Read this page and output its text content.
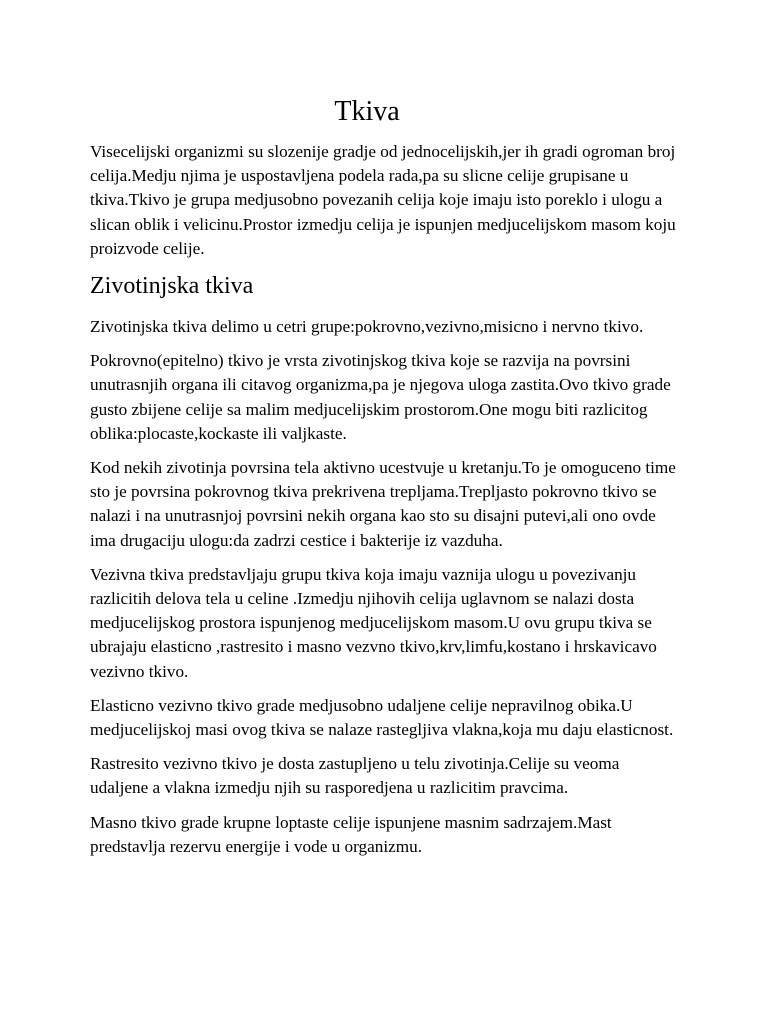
Tkiva

Visecelijski organizmi su slozenije gradje od jednocelijskih,jer ih gradi ogroman broj celija.Medju njima je uspostavljena podela rada,pa su slicne celije grupisane u tkiva.Tkivo je grupa medjusobno povezanih celija koje imaju isto poreklo i ulogu a slican oblik i velicinu.Prostor izmedju celija je ispunjen medjucelijskom masom koju proizvode celije.

Zivotinjska tkiva

Zivotinjska tkiva delimo u cetri grupe:pokrovno,vezivno,misicno i nervno tkivo.

Pokrovno(epitelno) tkivo je vrsta zivotinjskog tkiva koje se razvija na povrsini unutrasnjih organa ili citavog organizma,pa je njegova uloga zastita.Ovo tkivo grade gusto zbijene celije sa malim medjucelijskim prostorom.One mogu biti razlicitog oblika:plocaste,kockaste ili valjkaste.

Kod nekih zivotinja povrsina tela aktivno ucestvuje u kretanju.To je omoguceno time sto je povrsina pokrovnog tkiva prekrivena trepljama.Trepljasto pokrovno tkivo se nalazi i na unutrasnjoj povrsini nekih organa kao sto su disajni putevi,ali ono ovde ima drugaciju ulogu:da zadrzi cestice i bakterije iz vazduha.

Vezivna tkiva predstavljaju grupu tkiva koja imaju vaznija ulogu u povezivanju razlicitih delova tela u celine .Izmedju njihovih celija uglavnom se nalazi dosta medjucelijskog prostora ispunjenog medjucelijskom masom.U ovu grupu tkiva se ubrajaju elasticno ,rastresito i masno vezvno tkivo,krv,limfu,kostano i hrskavicavo vezivno tkivo.

Elasticno vezivno tkivo grade medjusobno udaljene celije nepravilnog obika.U medjucelijskoj masi ovog tkiva se nalaze rastegljiva vlakna,koja mu daju elasticnost.

Rastresito vezivno tkivo je dosta zastupljeno u telu zivotinja.Celije su veoma udaljene a vlakna izmedju njih su rasporedjena u razlicitim pravcima.

Masno tkivo grade krupne loptaste celije ispunjene masnim sadrzajem.Mast predstavlja rezervu energije i vode u organizmu.
